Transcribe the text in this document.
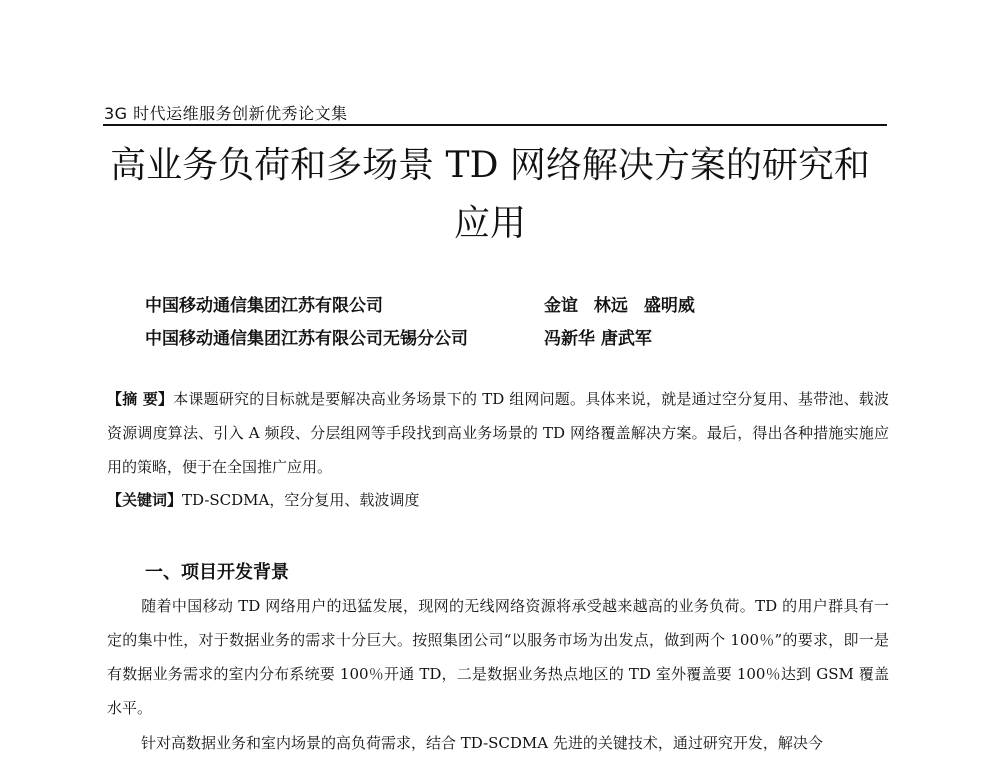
3G 时代运维服务创新优秀论文集
高业务负荷和多场景 TD 网络解决方案的研究和
应用
中国移动通信集团江苏有限公司	金谊 林远 盛明威
中国移动通信集团江苏有限公司无锡分公司	冯新华 唐武军
【摘 要】本课题研究的目标就是要解决高业务场景下的 TD 组网问题。具体来说，就是通过空分复用、基带池、载波资源调度算法、引入 A 频段、分层组网等手段找到高业务场景的 TD 网络覆盖解决方案。最后，得出各种措施实施应用的策略，便于在全国推广应用。
【关键词】TD-SCDMA，空分复用、载波调度
一、项目开发背景
随着中国移动 TD 网络用户的迅猛发展，现网的无线网络资源将承受越来越高的业务负荷。TD 的用户群具有一定的集中性，对于数据业务的需求十分巨大。按照集团公司“以服务市场为出发点，做到两个 100％”的要求，即一是有数据业务需求的室内分布系统要 100％开通 TD，二是数据业务热点地区的 TD 室外覆盖要 100％达到 GSM 覆盖水平。
针对高数据业务和室内场景的高负荷需求，结合 TD-SCDMA 先进的关键技术，通过研究开发，解决今
